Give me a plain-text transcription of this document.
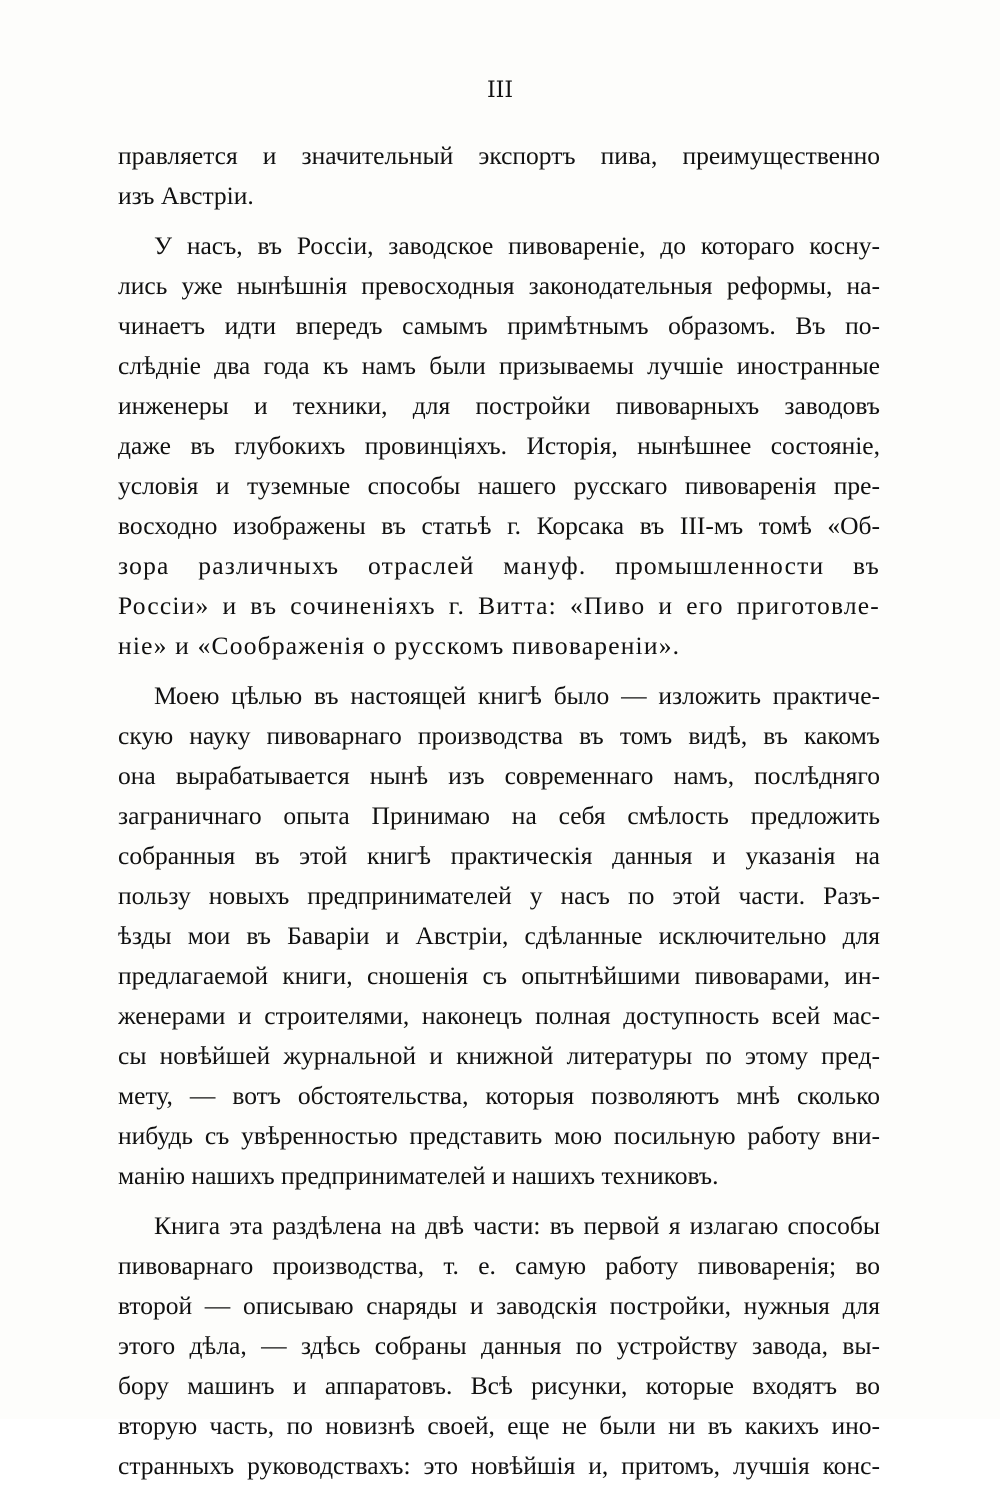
III
правляется и значительный экспортъ пива, преимущественно
изъ Австріи.
У насъ, въ Россіи, заводское пивовареніе, до котораго косну-
лись уже нынѣшнія превосходныя законодательныя реформы, на-
чинаетъ идти впередъ самымъ примѣтнымъ образомъ. Въ по-
слѣдніе два года къ намъ были призываемы лучшіе иностранные
инженеры и техники, для постройки пивоварныхъ заводовъ
даже въ глубокихъ провинціяхъ. Исторія, нынѣшнее состояніе,
условія и туземные способы нашего русскаго пивоваренія пре-
восходно изображены въ статьѣ г. Корсака въ III-мъ томѣ «Об-
зора различныхъ отраслей мануф. промышленности въ
Россіи» и въ сочиненіяхъ г. Витта: «Пиво и его приготовле-
ніе» и «Соображенія о русскомъ пивовареніи».
Моею цѣлью въ настоящей книгѣ было — изложить практиче-
скую науку пивоварнаго производства въ томъ видѣ, въ какомъ
она вырабатывается нынѣ изъ современнаго намъ, послѣдняго
заграничнаго опыта Принимаю на себя смѣлость предложить
собранныя въ этой книгѣ практическія данныя и указанія на
пользу новыхъ предпринимателей у насъ по этой части. Разъ-
ѣзды мои въ Баваріи и Австріи, сдѣланные исключительно для
предлагаемой книги, сношенія съ опытнѣйшими пивоварами, ин-
женерами и строителями, наконецъ полная доступность всей мас-
сы новѣйшей журнальной и книжной литературы по этому пред-
мету, — вотъ обстоятельства, которыя позволяютъ мнѣ сколько
нибудь съ увѣренностью представить мою посильную работу вни-
манію нашихъ предпринимателей и нашихъ техниковъ.
Книга эта раздѣлена на двѣ части: въ первой я излагаю способы
пивоварнаго производства, т. е. самую работу пивоваренія; во
второй — описываю снаряды и заводскія постройки, нужныя для
этого дѣла, — здѣсь собраны данныя по устройству завода, вы-
бору машинъ и аппаратовъ. Всѣ рисунки, которые входятъ во
вторую часть, по новизнѣ своей, еще не были ни въ какихъ ино-
странныхъ руководствахъ: это новѣйшія и, притомъ, лучшія конс-
